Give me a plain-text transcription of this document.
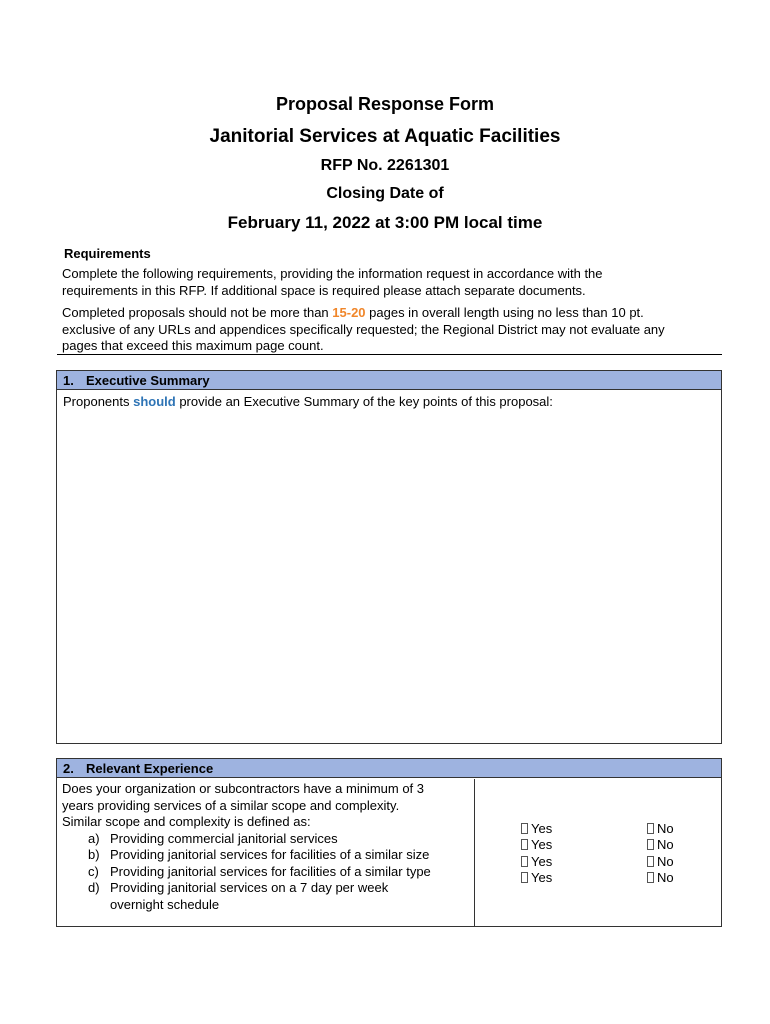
Proposal Response Form
Janitorial Services at Aquatic Facilities
RFP No. 2261301
Closing Date of
February 11, 2022 at 3:00 PM local time
Requirements
Complete the following requirements, providing the information request in accordance with the
requirements in this RFP. If additional space is required please attach separate documents.
Completed proposals should not be more than 15-20 pages in overall length using no less than 10 pt.
exclusive of any URLs and appendices specifically requested; the Regional District may not evaluate any
pages that exceed this maximum page count.
1. Executive Summary
Proponents should provide an Executive Summary of the key points of this proposal:
2. Relevant Experience
Does your organization or subcontractors have a minimum of 3
years providing services of a similar scope and complexity.
Similar scope and complexity is defined as:
a) Providing commercial janitorial services
b) Providing janitorial services for facilities of a similar size
c) Providing janitorial services for facilities of a similar type
d) Providing janitorial services on a 7 day per week
overnight schedule
Yes	No
Yes	No
Yes	No
Yes	No
